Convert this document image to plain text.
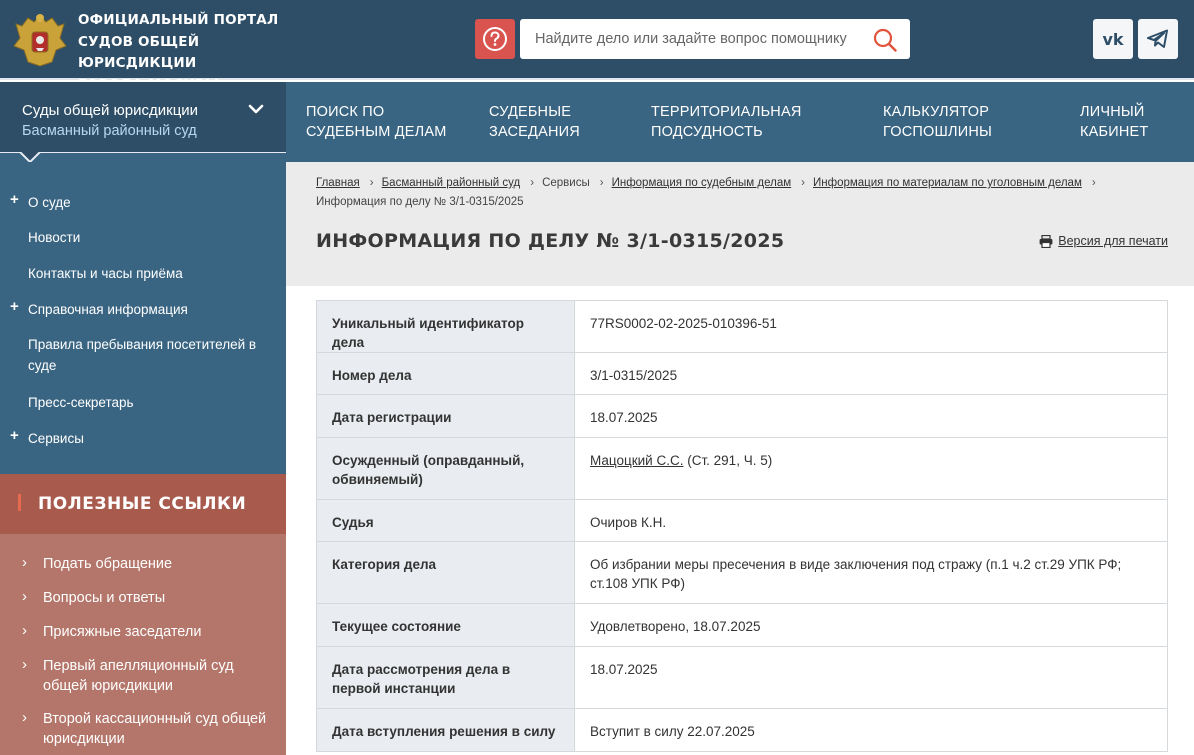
ОФИЦИАЛЬНЫЙ ПОРТАЛ
СУДОВ ОБЩЕЙ ЮРИСДИКЦИИ
Найдите дело или задайте вопрос помощнику
vk
Суды общей юрисдикции
Басманный районный суд
ПОИСК ПО
СУДЕБНЫМ ДЕЛАМ
СУДЕБНЫЕ
ЗАСЕДАНИЯ
ТЕРРИТОРИАЛЬНАЯ
ПОДСУДНОСТЬ
КАЛЬКУЛЯТОР
ГОСПОШЛИНЫ
ЛИЧНЫЙ
КАБИНЕТ
+ О суде
Новости
Контакты и часы приёма
+ Справочная информация
Правила пребывания посетителей в суде
Пресс-секретарь
+ Сервисы
ПОЛЕЗНЫЕ ССЫЛКИ
› Подать обращение
› Вопросы и ответы
› Присяжные заседатели
› Первый апелляционный суд общей юрисдикции
› Второй кассационный суд общей юрисдикции
Главная › Басманный районный суд › Сервисы › Информация по судебным делам › Информация по материалам по уголовным делам ›
Информация по делу № 3/1-0315/2025
ИНФОРМАЦИЯ ПО ДЕЛУ № 3/1-0315/2025	Версия для печати
Уникальный идентификатор дела	77RS0002-02-2025-010396-51
Номер дела	3/1-0315/2025
Дата регистрации	18.07.2025
Осужденный (оправданный, обвиняемый)	Мацоцкий С.С. (Ст. 291, Ч. 5)
Судья	Очиров К.Н.
Категория дела	Об избрании меры пресечения в виде заключения под стражу (п.1 ч.2 ст.29 УПК РФ; ст.108 УПК РФ)
Текущее состояние	Удовлетворено, 18.07.2025
Дата рассмотрения дела в первой инстанции	18.07.2025
Дата вступления решения в силу	Вступит в силу 22.07.2025
